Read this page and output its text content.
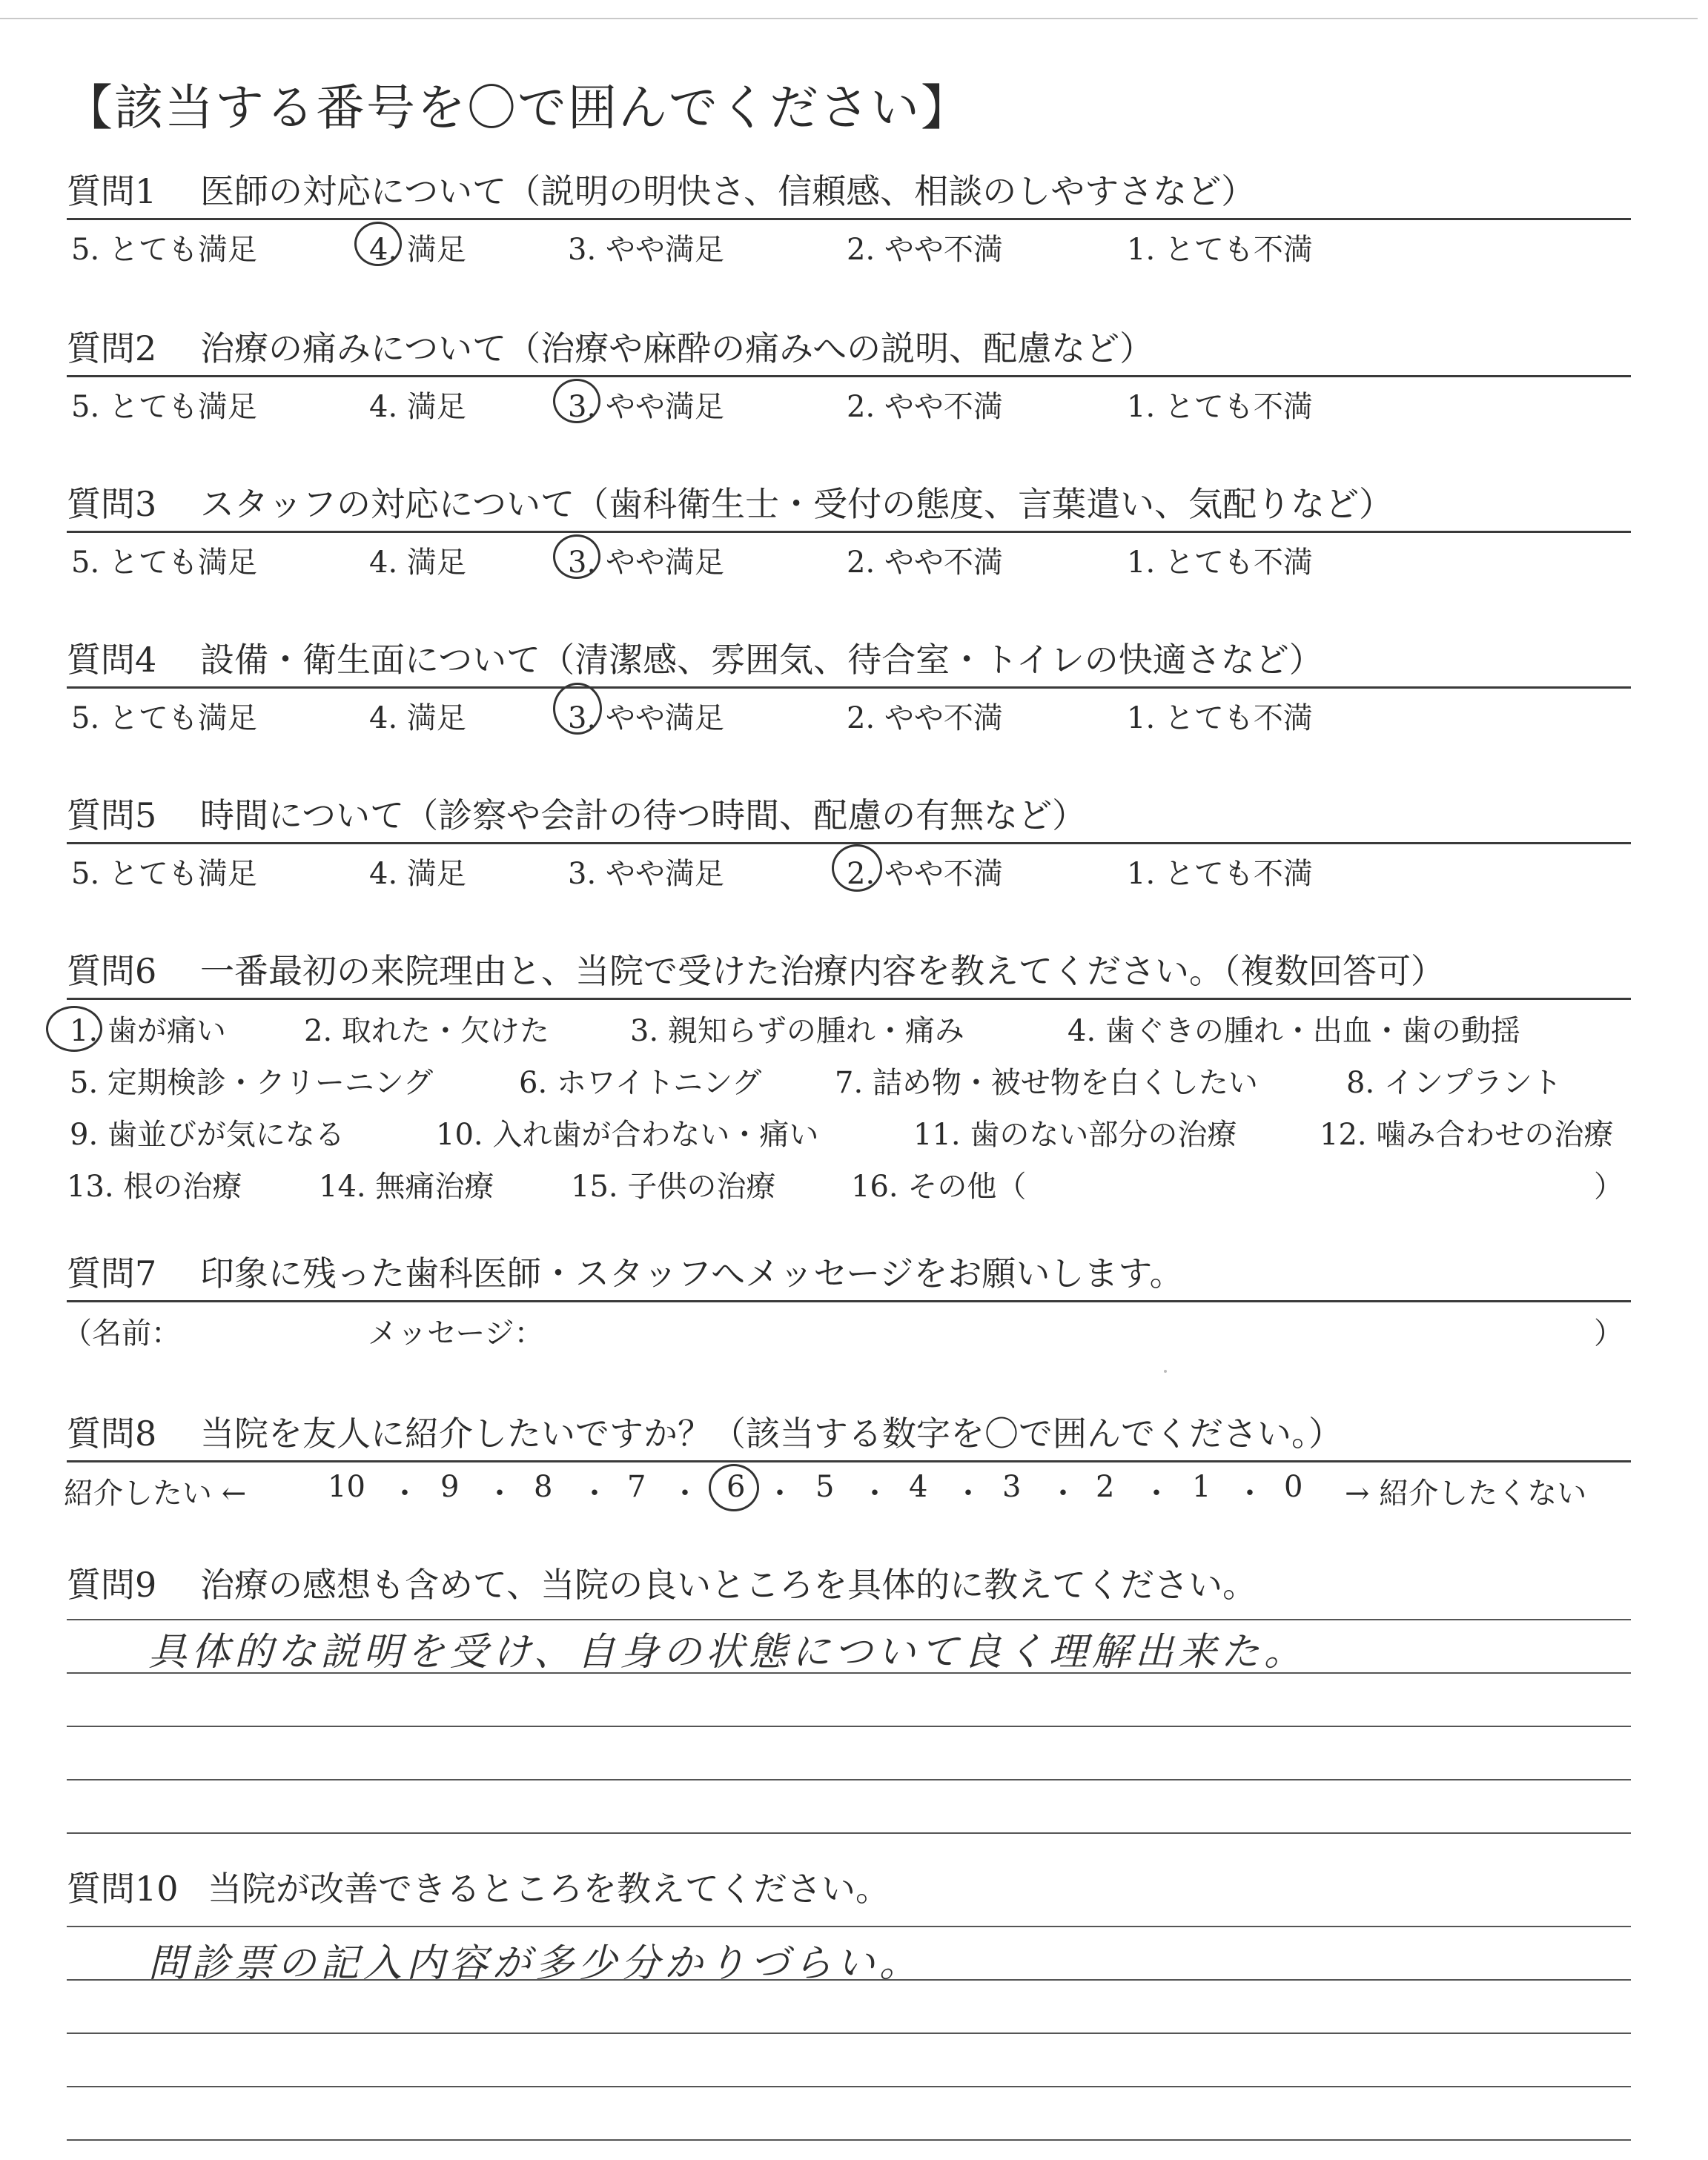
【該当する番号を〇で囲んでください】
質問1 医師の対応について（説明の明快さ、信頼感、相談のしやすさなど）
5. とても満足	4. 満足	3. やや満足	2. やや不満	1. とても不満
質問2 治療の痛みについて（治療や麻酔の痛みへの説明、配慮など）
5. とても満足	4. 満足	3. やや満足	2. やや不満	1. とても不満
質問3 スタッフの対応について（歯科衛生士・受付の態度、言葉遣い、気配りなど）
5. とても満足	4. 満足	3. やや満足	2. やや不満	1. とても不満
質問4 設備・衛生面について（清潔感、雰囲気、待合室・トイレの快適さなど）
5. とても満足	4. 満足	3. やや満足	2. やや不満	1. とても不満
質問5 時間について（診察や会計の待つ時間、配慮の有無など）
5. とても満足	4. 満足	3. やや満足	2. やや不満	1. とても不満
質問6 一番最初の来院理由と、当院で受けた治療内容を教えてください。（複数回答可）
1. 歯が痛い	2. 取れた・欠けた	3. 親知らずの腫れ・痛み	4. 歯ぐきの腫れ・出血・歯の動揺
5. 定期検診・クリーニング	6. ホワイトニング 7. 詰め物・被せ物を白くしたい	8. インプラント
9. 歯並びが気になる	10. 入れ歯が合わない・痛い	11. 歯のない部分の治療	12. 噛み合わせの治療
13. 根の治療	14. 無痛治療	15. 子供の治療	16. その他（	）
質問7 印象に残った歯科医師・スタッフへメッセージをお願いします。
（名前：	メッセージ：	）
質問8 当院を友人に紹介したいですか？（該当する数字を〇で囲んでください。）
紹介したい ←	10 ・ 9 ・ 8 ・ 7 ・ 6 ・ 5 ・ 4 ・ 3 ・ 2 ・ 1 ・ 0 → 紹介したくない
質問9 治療の感想も含めて、当院の良いところを具体的に教えてください。
具体的な説明を受け、自身の状態について良く理解出来た。
質問10 当院が改善できるところを教えてください。
問診票の記入内容が多少分かりづらい。
